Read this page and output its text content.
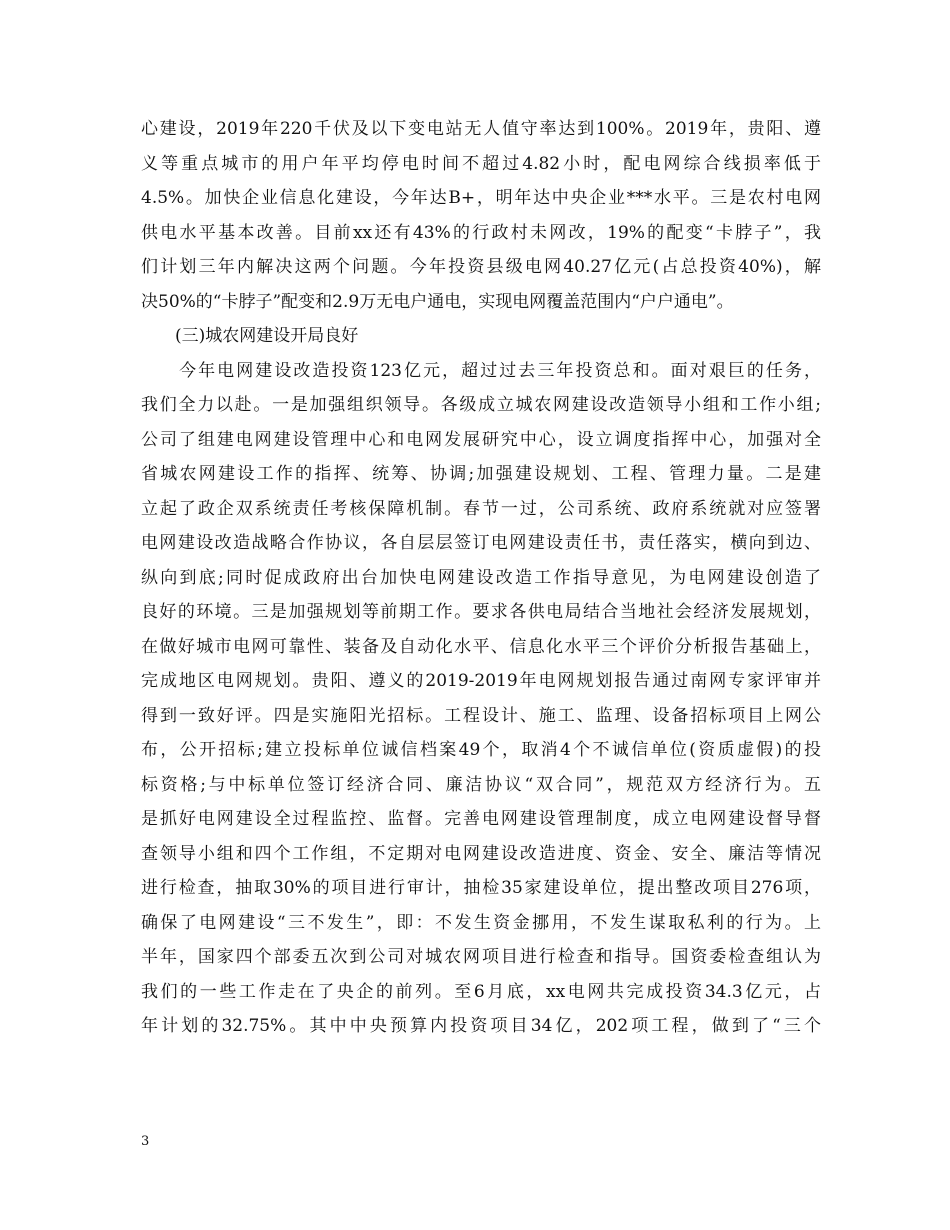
心建设，2019年220千伏及以下变电站无人值守率达到100%。2019年，贵阳、遵
义等重点城市的用户年平均停电时间不超过4.82小时，配电网综合线损率低于
4.5%。加快企业信息化建设，今年达B+，明年达中央企业***水平。三是农村电网
供电水平基本改善。目前xx还有43%的行政村未网改，19%的配变“卡脖子”，我
们计划三年内解决这两个问题。今年投资县级电网40.27亿元(占总投资40%)，解
决50%的“卡脖子”配变和2.9万无电户通电，实现电网覆盖范围内“户户通电”。
(三)城农网建设开局良好
　　今年电网建设改造投资123亿元，超过过去三年投资总和。面对艰巨的任务，
我们全力以赴。一是加强组织领导。各级成立城农网建设改造领导小组和工作小组;
公司了组建电网建设管理中心和电网发展研究中心，设立调度指挥中心，加强对全
省城农网建设工作的指挥、统筹、协调;加强建设规划、工程、管理力量。二是建
立起了政企双系统责任考核保障机制。春节一过，公司系统、政府系统就对应签署
电网建设改造战略合作协议，各自层层签订电网建设责任书，责任落实，横向到边、
纵向到底;同时促成政府出台加快电网建设改造工作指导意见，为电网建设创造了
良好的环境。三是加强规划等前期工作。要求各供电局结合当地社会经济发展规划，
在做好城市电网可靠性、装备及自动化水平、信息化水平三个评价分析报告基础上，
完成地区电网规划。贵阳、遵义的2019-2019年电网规划报告通过南网专家评审并
得到一致好评。四是实施阳光招标。工程设计、施工、监理、设备招标项目上网公
布，公开招标;建立投标单位诚信档案49个，取消4个不诚信单位(资质虚假)的投
标资格;与中标单位签订经济合同、廉洁协议“双合同”，规范双方经济行为。五
是抓好电网建设全过程监控、监督。完善电网建设管理制度，成立电网建设督导督
查领导小组和四个工作组，不定期对电网建设改造进度、资金、安全、廉洁等情况
进行检查，抽取30%的项目进行审计，抽检35家建设单位，提出整改项目276项，
确保了电网建设“三不发生”，即：不发生资金挪用，不发生谋取私利的行为。上
半年，国家四个部委五次到公司对城农网项目进行检查和指导。国资委检查组认为
我们的一些工作走在了央企的前列。至6月底，xx电网共完成投资34.3亿元，占
年计划的32.75%。其中中央预算内投资项目34亿，202项工程，做到了“三个
3
